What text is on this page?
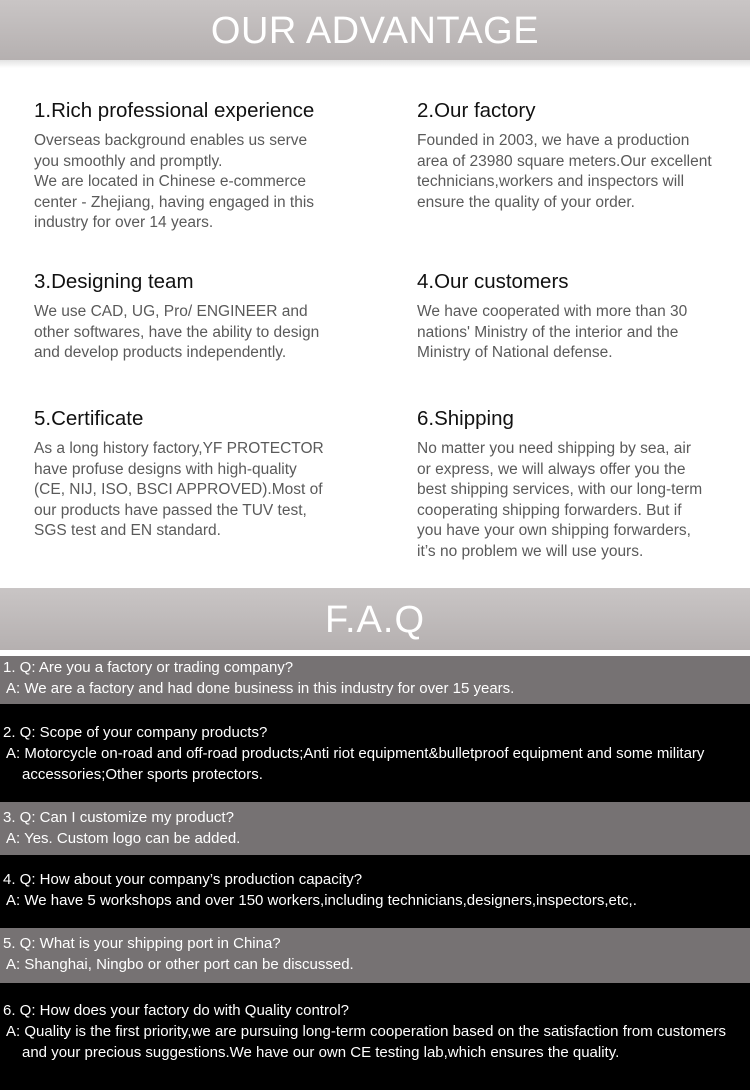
OUR ADVANTAGE
1.Rich professional experience

Overseas background enables us serve
you smoothly and promptly.
We are located in Chinese e-commerce
center - Zhejiang, having engaged in this
industry for over 14 years.

2.Our factory

Founded in 2003, we have a production
area of 23980 square meters.Our excellent
technicians,workers and inspectors will
ensure the quality of your order.

3.Designing team

We use CAD, UG, Pro/ ENGINEER and
other softwares, have the ability to design
and develop products independently.

4.Our customers

We have cooperated with more than 30
nations' Ministry of the interior and the
Ministry of National defense.

5.Certificate

As a long history factory,YF PROTECTOR
have profuse designs with high-quality
(CE, NIJ, ISO, BSCI APPROVED).Most of
our products have passed the TUV test,
SGS test and EN standard.

6.Shipping

No matter you need shipping by sea, air
or express, we will always offer you the
best shipping services, with our long-term
cooperating shipping forwarders. But if
you have your own shipping forwarders,
it’s no problem we will use yours.

F.A.Q
1. Q: Are you a factory or trading company?
A: We are a factory and had done business in this industry for over 15 years.
2. Q: Scope of your company products?
A: Motorcycle on-road and off-road products;Anti riot equipment&bulletproof equipment and some military accessories;Other sports protectors.
3. Q: Can I customize my product?
A: Yes. Custom logo can be added.
4. Q: How about your company’s production capacity?
A: We have 5 workshops and over 150 workers,including technicians,designers,inspectors,etc,.
5. Q: What is your shipping port in China?
A: Shanghai, Ningbo or other port can be discussed.
6. Q: How does your factory do with Quality control?
A: Quality is the first priority,we are pursuing long-term cooperation based on the satisfaction from customers and your precious suggestions.We have our own CE testing lab,which ensures the quality.
